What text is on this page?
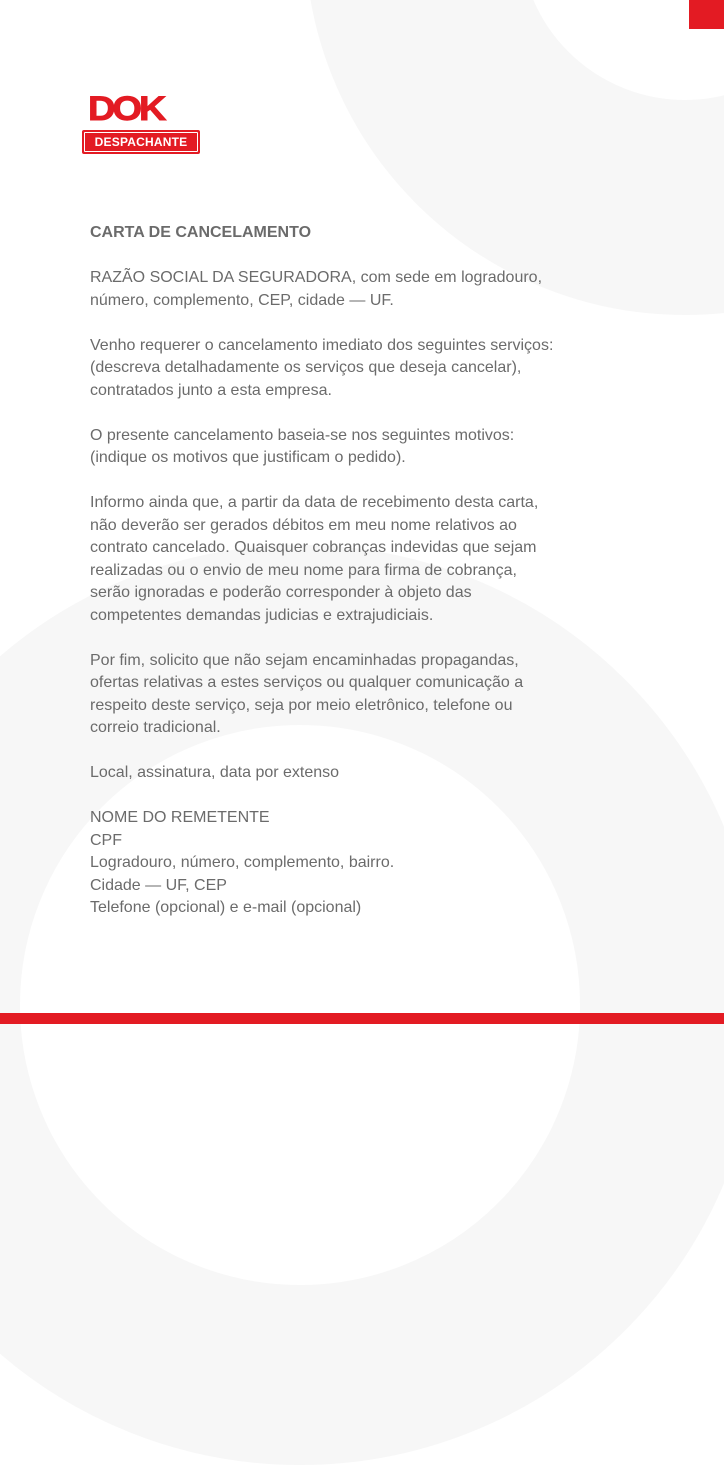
DOK
DESPACHANTE
CARTA DE CANCELAMENTO
RAZÃO SOCIAL DA SEGURADORA, com sede em logradouro,
número, complemento, CEP, cidade — UF.
Venho requerer o cancelamento imediato dos seguintes serviços:
(descreva detalhadamente os serviços que deseja cancelar),
contratados junto a esta empresa.
O presente cancelamento baseia-se nos seguintes motivos:
(indique os motivos que justificam o pedido).
Informo ainda que, a partir da data de recebimento desta carta,
não deverão ser gerados débitos em meu nome relativos ao
contrato cancelado. Quaisquer cobranças indevidas que sejam
realizadas ou o envio de meu nome para firma de cobrança,
serão ignoradas e poderão corresponder à objeto das
competentes demandas judicias e extrajudiciais.
Por fim, solicito que não sejam encaminhadas propagandas,
ofertas relativas a estes serviços ou qualquer comunicação a
respeito deste serviço, seja por meio eletrônico, telefone ou
correio tradicional.
Local, assinatura, data por extenso
NOME DO REMETENTE
CPF
Logradouro, número, complemento, bairro.
Cidade — UF, CEP
Telefone (opcional) e e-mail (opcional)
